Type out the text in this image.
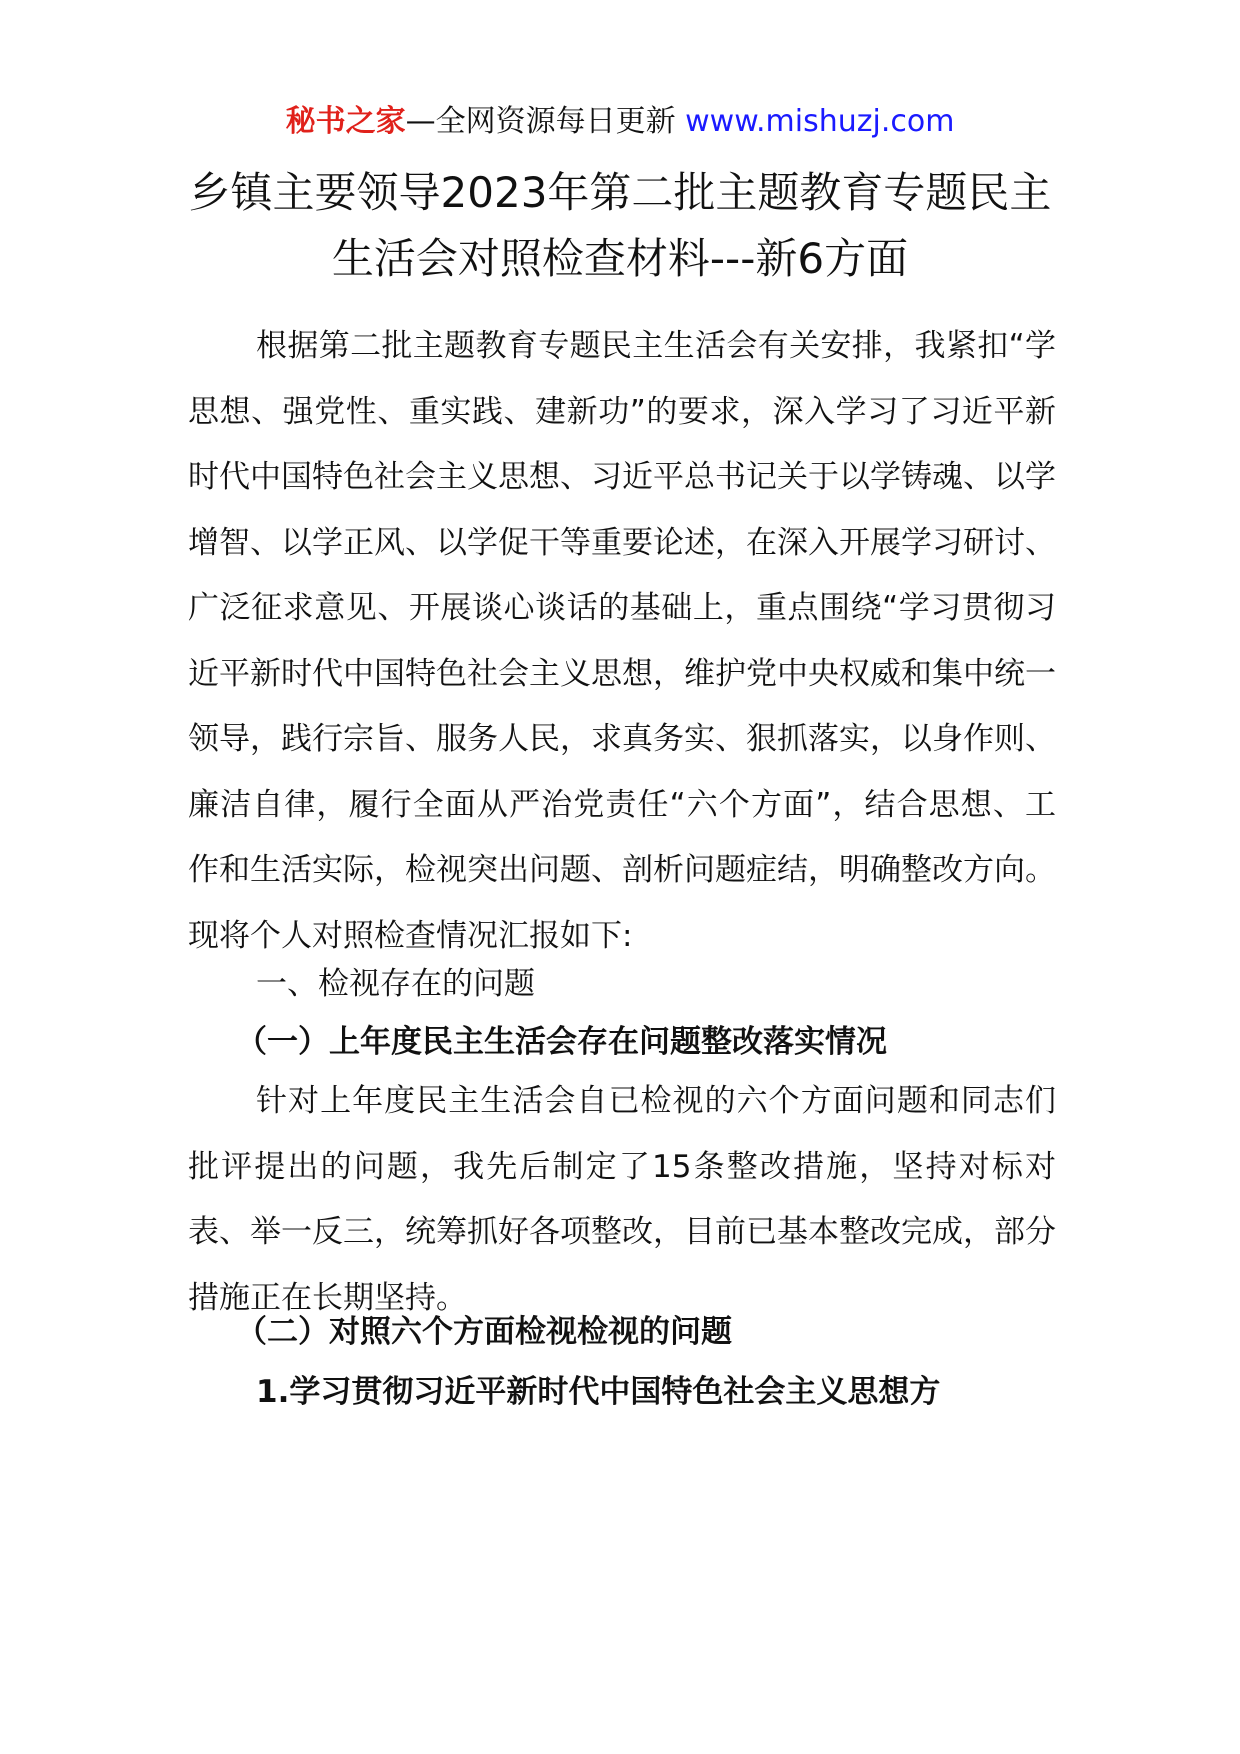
秘书之家—全网资源每日更新 www.mishuzj.com
乡镇主要领导2023年第二批主题教育专题民主
生活会对照检查材料---新6方面

根据第二批主题教育专题民主生活会有关安排，我紧扣“学思想、强党性、重实践、建新功”的要求，深入学习了习近平新时代中国特色社会主义思想、习近平总书记关于以学铸魂、以学增智、以学正风、以学促干等重要论述，在深入开展学习研讨、广泛征求意见、开展谈心谈话的基础上，重点围绕“学习贯彻习近平新时代中国特色社会主义思想，维护党中央权威和集中统一领导，践行宗旨、服务人民，求真务实、狠抓落实，以身作则、廉洁自律，履行全面从严治党责任“六个方面”，结合思想、工作和生活实际，检视突出问题、剖析问题症结，明确整改方向。现将个人对照检查情况汇报如下:

一、检视存在的问题

（一）上年度民主生活会存在问题整改落实情况

针对上年度民主生活会自已检视的六个方面问题和同志们批评提出的问题，我先后制定了15条整改措施，坚持对标对表、举一反三，统筹抓好各项整改，目前已基本整改完成，部分措施正在长期坚持。

（二）对照六个方面检视检视的问题

1.学习贯彻习近平新时代中国特色社会主义思想方
